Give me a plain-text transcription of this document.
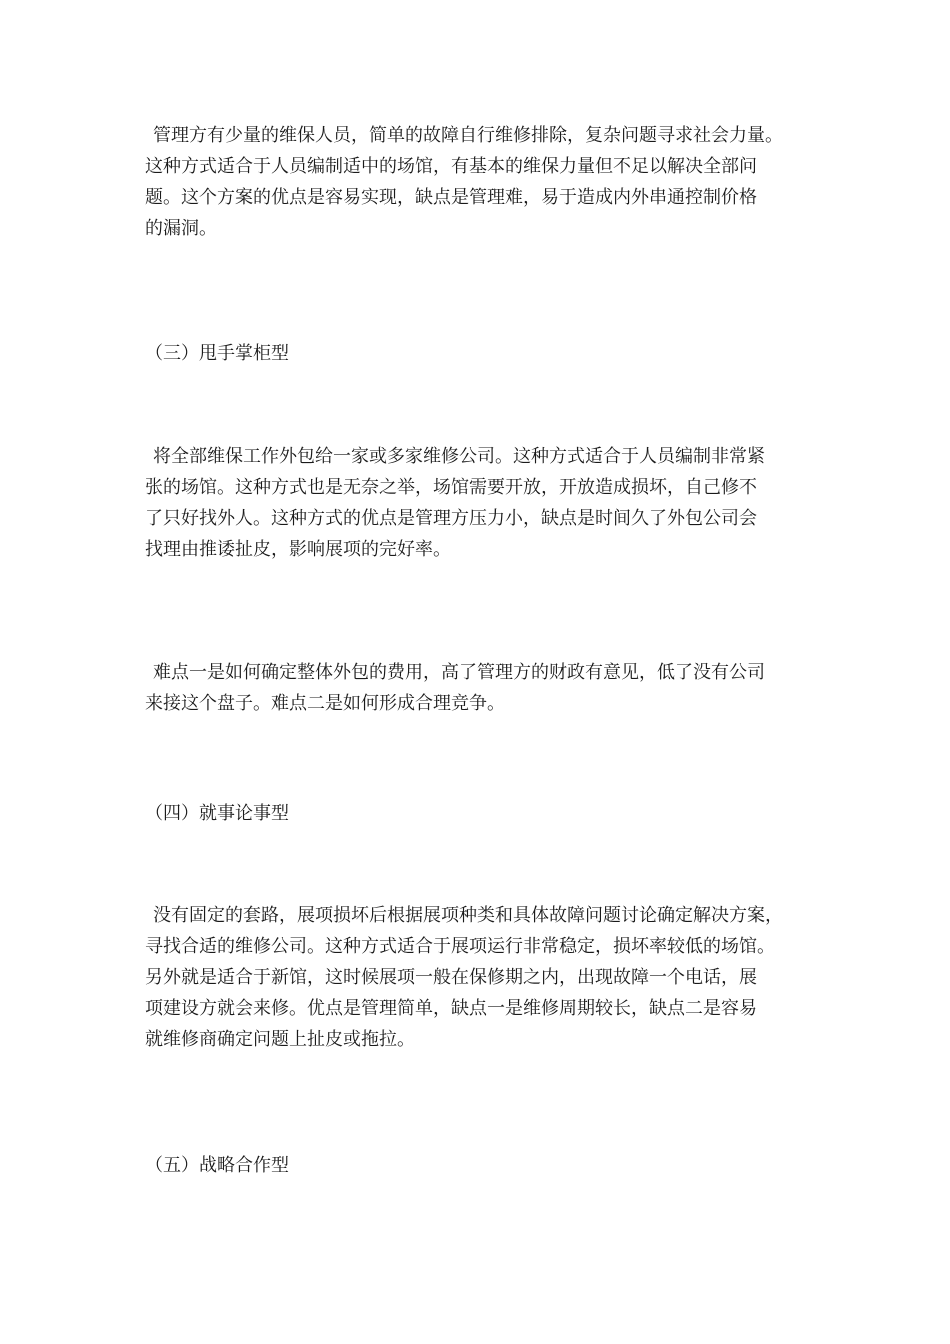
管理方有少量的维保人员，简单的故障自行维修排除，复杂问题寻求社会力量。
这种方式适合于人员编制适中的场馆，有基本的维保力量但不足以解决全部问
题。这个方案的优点是容易实现，缺点是管理难，易于造成内外串通控制价格
的漏洞。
（三）甩手掌柜型
将全部维保工作外包给一家或多家维修公司。这种方式适合于人员编制非常紧
张的场馆。这种方式也是无奈之举，场馆需要开放，开放造成损坏，自己修不
了只好找外人。这种方式的优点是管理方压力小，缺点是时间久了外包公司会
找理由推诿扯皮，影响展项的完好率。
难点一是如何确定整体外包的费用，高了管理方的财政有意见，低了没有公司
来接这个盘子。难点二是如何形成合理竞争。
（四）就事论事型
没有固定的套路，展项损坏后根据展项种类和具体故障问题讨论确定解决方案，
寻找合适的维修公司。这种方式适合于展项运行非常稳定，损坏率较低的场馆。
另外就是适合于新馆，这时候展项一般在保修期之内，出现故障一个电话，展
项建设方就会来修。优点是管理简单，缺点一是维修周期较长，缺点二是容易
就维修商确定问题上扯皮或拖拉。
（五）战略合作型
